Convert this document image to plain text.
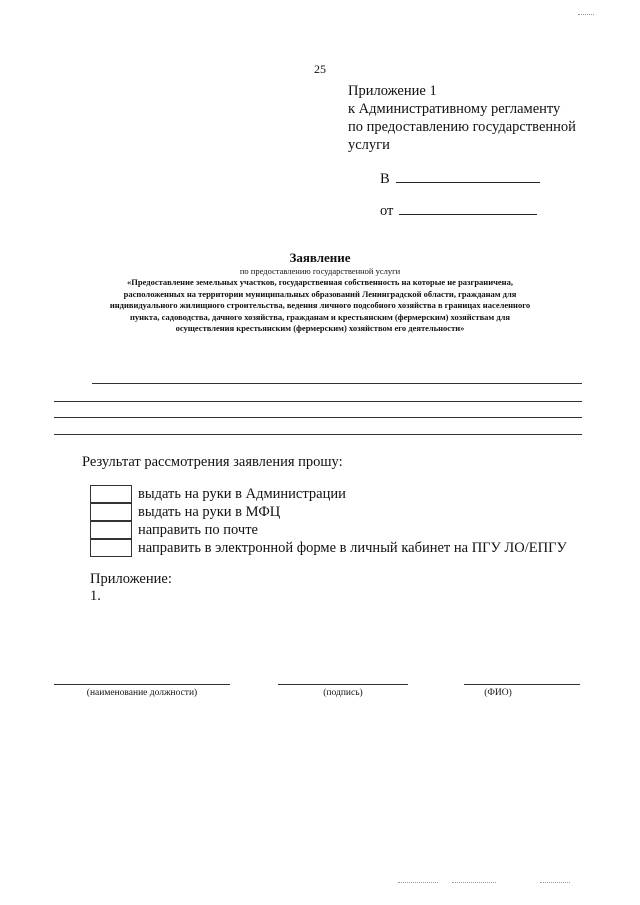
25
Приложение 1
к Административному регламенту
по предоставлению государственной
услуги
В
от
Заявление
по предоставлению государственной услуги
«Предоставление земельных участков, государственная собственность на которые не разграничена,
расположенных на территории муниципальных образований Ленинградской области, гражданам для
индивидуального жилищного строительства, ведения личного подсобного хозяйства в границах населенного
пункта, садоводства, дачного хозяйства, гражданам и крестьянским (фермерским) хозяйствам для
осуществления крестьянским (фермерским) хозяйством его деятельности»
Результат рассмотрения заявления прошу:
выдать на руки в Администрации
выдать на руки в МФЦ
направить по почте
направить в электронной форме в личный кабинет на ПГУ ЛО/ЕПГУ
Приложение:
1.
(наименование должности)	(подпись)	(ФИО)
